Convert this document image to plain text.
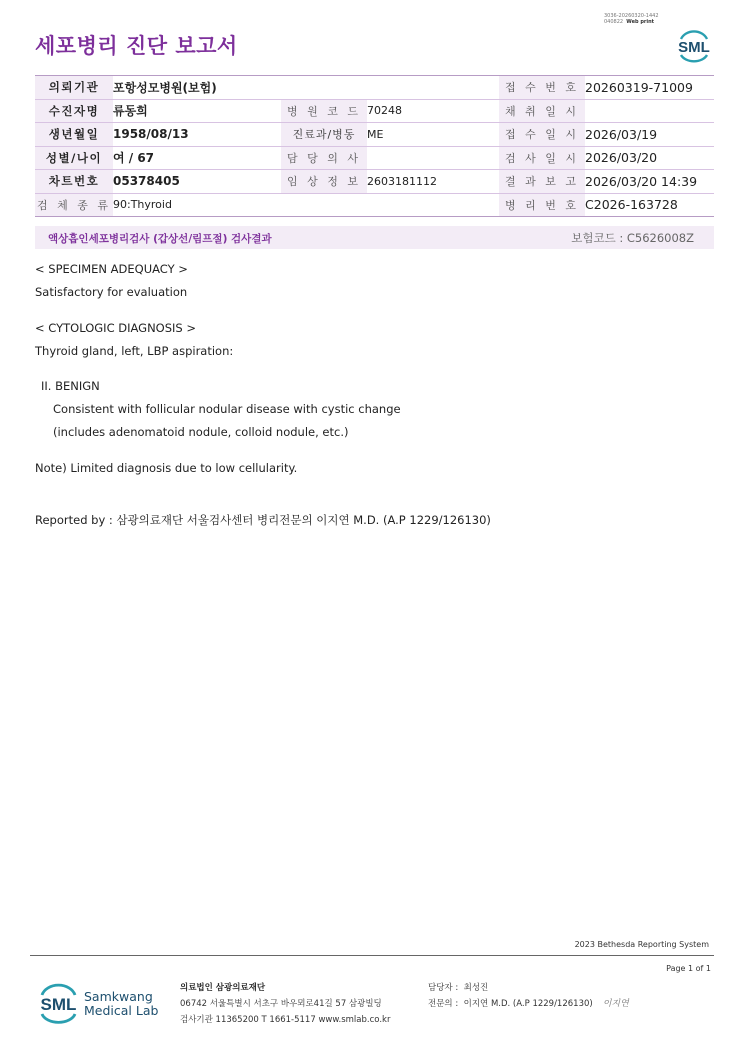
3036-20260320-1442
040822 Web print
세포병리 진단 보고서	SML
의뢰기관	포항성모병원(보험)			접 수 번 호	20260319-71009
수진자명	류동희	병 원 코 드	70248	채 취 일 시	
생년월일	1958/08/13	진료과/병동	ME	접 수 일 시	2026/03/19
성별/나이	여 / 67	담 당 의 사		검 사 일 시	2026/03/20
차트번호	05378405	임 상 정 보	2603181112	결 과 보 고	2026/03/20 14:39
검 체 종 류	90:Thyroid			병 리 번 호	C2026-163728
액상흡인세포병리검사 (갑상선/림프절) 검사결과	보험코드 : C5626008Z
< SPECIMEN ADEQUACY >
Satisfactory for evaluation
< CYTOLOGIC DIAGNOSIS >
Thyroid gland, left, LBP aspiration:
II. BENIGN
Consistent with follicular nodular disease with cystic change
(includes adenomatoid nodule, colloid nodule, etc.)
Note) Limited diagnosis due to low cellularity.
Reported by : 삼광의료재단 서울검사센터 병리전문의 이지연 M.D. (A.P 1229/126130)
2023 Bethesda Reporting System
Page 1 of 1
SML Samkwang
Medical Lab
의료법인 삼광의료재단
06742 서울특별시 서초구 바우뫼로41길 57 삼광빌딩
검사기관 11365200 T 1661-5117 www.smlab.co.kr
담당자 : 최성진
전문의 : 이지연 M.D. (A.P 1229/126130) 이지연
